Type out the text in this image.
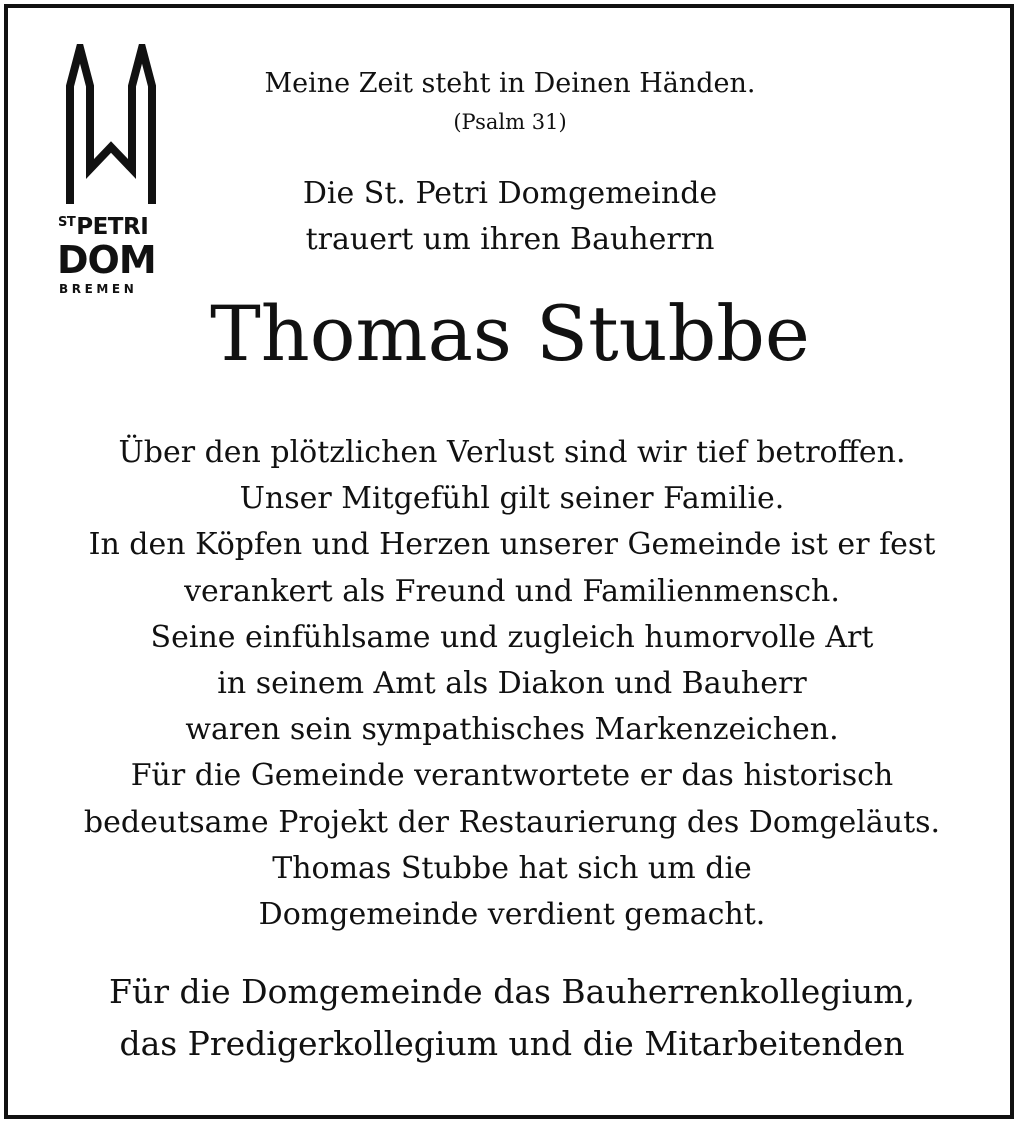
$^{ST}$PETRI
DOM
BREMEN
Meine Zeit steht in Deinen Händen.
(Psalm 31)
Die St. Petri Domgemeinde
trauert um ihren Bauherrn
Thomas Stubbe
Über den plötzlichen Verlust sind wir tief betroffen.
Unser Mitgefühl gilt seiner Familie.
In den Köpfen und Herzen unserer Gemeinde ist er fest
verankert als Freund und Familienmensch.
Seine einfühlsame und zugleich humorvolle Art
in seinem Amt als Diakon und Bauherr
waren sein sympathisches Markenzeichen.
Für die Gemeinde verantwortete er das historisch
bedeutsame Projekt der Restaurierung des Domgeläuts.
Thomas Stubbe hat sich um die
Domgemeinde verdient gemacht.
Für die Domgemeinde das Bauherrenkollegium,
das Predigerkollegium und die Mitarbeitenden
